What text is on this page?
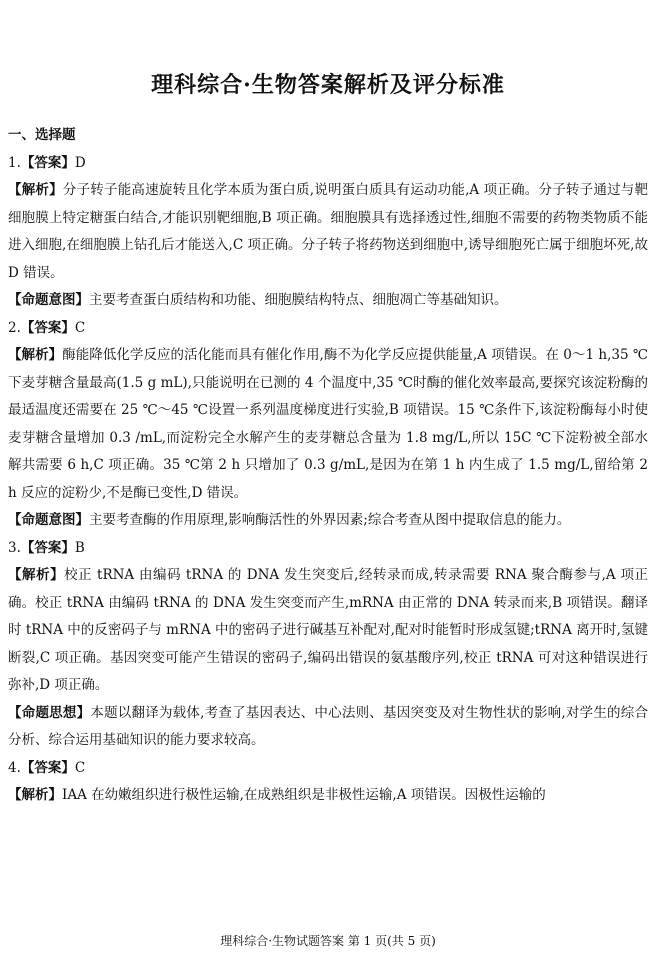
理科综合·生物答案解析及评分标准

一、选择题

1.【答案】D

【解析】分子转子能高速旋转且化学本质为蛋白质,说明蛋白质具有运动功能,A 项正确。分子转子通过与靶细胞膜上特定糖蛋白结合,才能识别靶细胞,B 项正确。细胞膜具有选择透过性,细胞不需要的药物类物质不能进入细胞,在细胞膜上钻孔后才能送入,C 项正确。分子转子将药物送到细胞中,诱导细胞死亡属于细胞坏死,故 D 错误。

【命题意图】主要考查蛋白质结构和功能、细胞膜结构特点、细胞凋亡等基础知识。

2.【答案】C

【解析】酶能降低化学反应的活化能而具有催化作用,酶不为化学反应提供能量,A 项错误。在 0～1 h,35 ℃下麦芽糖含量最高(1.5 g mL),只能说明在已测的 4 个温度中,35 ℃时酶的催化效率最高,要探究该淀粉酶的最适温度还需要在 25 ℃～45 ℃设置一系列温度梯度进行实验,B 项错误。15 ℃条件下,该淀粉酶每小时使麦芽糖含量增加 0.3 /mL,而淀粉完全水解产生的麦芽糖总含量为 1.8 mg/L,所以 15C ℃下淀粉被全部水解共需要 6 h,C 项正确。35 ℃第 2 h 只增加了 0.3 g/mL,是因为在第 1 h 内生成了 1.5 mg/L,留给第 2 h 反应的淀粉少,不是酶已变性,D 错误。

【命题意图】主要考查酶的作用原理,影响酶活性的外界因素;综合考查从图中提取信息的能力。

3.【答案】B

【解析】校正 tRNA 由编码 tRNA 的 DNA 发生突变后,经转录而成,转录需要 RNA 聚合酶参与,A 项正确。校正 tRNA 由编码 tRNA 的 DNA 发生突变而产生,mRNA 由正常的 DNA 转录而来,B 项错误。翻译时 tRNA 中的反密码子与 mRNA 中的密码子进行碱基互补配对,配对时能暂时形成氢键;tRNA 离开时,氢键断裂,C 项正确。基因突变可能产生错误的密码子,编码出错误的氨基酸序列,校正 tRNA 可对这种错误进行弥补,D 项正确。

【命题思想】本题以翻译为载体,考查了基因表达、中心法则、基因突变及对生物性状的影响,对学生的综合分析、综合运用基础知识的能力要求较高。

4.【答案】C

【解析】IAA 在幼嫩组织进行极性运输,在成熟组织是非极性运输,A 项错误。因极性运输的

理科综合·生物试题答案 第 1 页(共 5 页)
